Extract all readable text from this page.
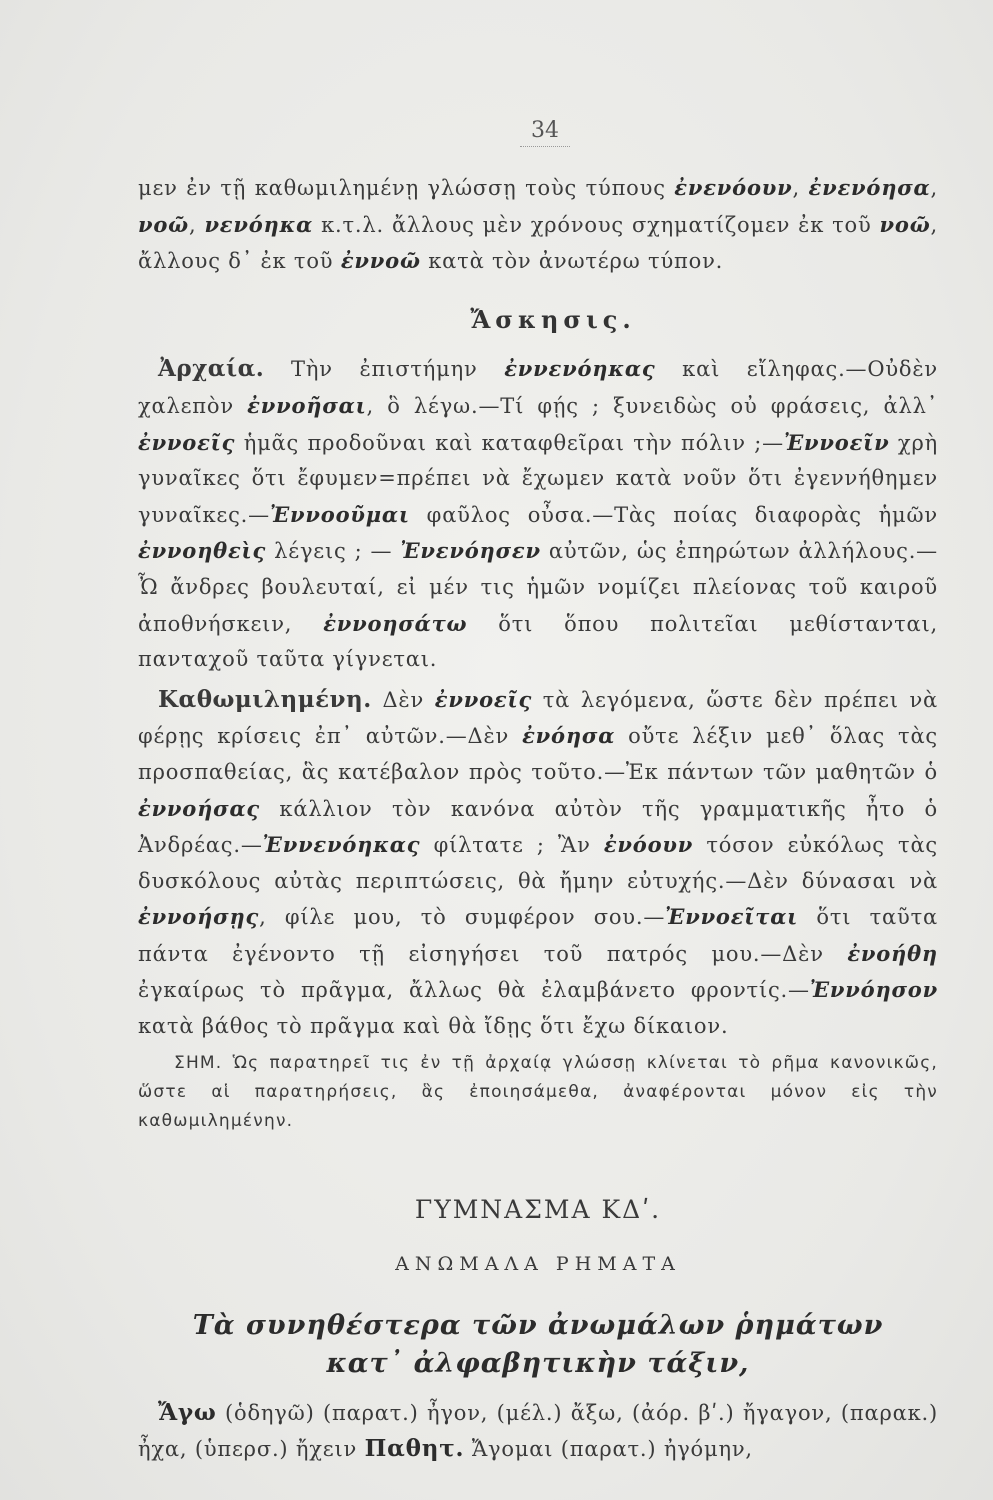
34

μεν ἐν τῇ καθωμιλημένῃ γλώσσῃ τοὺς τύπους ἐνενόουν, ἐνενόησα, νοῶ, νενόηκα κ.τ.λ. ἄλλους μὲν χρόνους σχηματίζομεν ἐκ τοῦ νοῶ, ἄλλους δ᾿ ἐκ τοῦ ἐννοῶ κατὰ τὸν ἀνωτέρω τύπον.

Ἄσκησις.

Ἀρχαία. Τὴν ἐπιστήμην ἐννενόηκας καὶ εἴληφας.—Οὐδὲν χαλεπὸν ἐννοῆσαι, ὃ λέγω.—Τί φῄς ; ξυνειδὼς οὐ φράσεις, ἀλλ᾿ ἐννοεῖς ἡμᾶς προδοῦναι καὶ καταφθεῖραι τὴν πόλιν ;—Ἐννοεῖν χρὴ γυναῖκες ὅτι ἔφυμεν=πρέπει νὰ ἔχωμεν κατὰ νοῦν ὅτι ἐγεννήθημεν γυναῖκες.—Ἐννοοῦμαι φαῦλος οὖσα.—Τὰς ποίας διαφορὰς ἡμῶν ἐννοηθεὶς λέγεις ; — Ἐνενόησεν αὐτῶν, ὡς ἐπηρώτων ἀλλήλους.—Ὦ ἄνδρες βουλευταί, εἰ μέν τις ἡμῶν νομίζει πλείονας τοῦ καιροῦ ἀποθνήσκειν, ἐννοησάτω ὅτι ὅπου πολιτεῖαι μεθίστανται, πανταχοῦ ταῦτα γίγνεται.

Καθωμιλημένη. Δὲν ἐννοεῖς τὰ λεγόμενα, ὥστε δὲν πρέπει νὰ φέρῃς κρίσεις ἐπ᾿ αὐτῶν.—Δὲν ἐνόησα οὔτε λέξιν μεθ᾿ ὅλας τὰς προσπαθείας, ἃς κατέβαλον πρὸς τοῦτο.—Ἐκ πάντων τῶν μαθητῶν ὁ ἐννοήσας κάλλιον τὸν κανόνα αὐτὸν τῆς γραμματικῆς ἦτο ὁ Ἀνδρέας.—Ἐννενόηκας φίλτατε ; Ἂν ἐνόουν τόσον εὐκόλως τὰς δυσκόλους αὐτὰς περιπτώσεις, θὰ ἤμην εὐτυχής.—Δὲν δύνασαι νὰ ἐννοήσῃς, φίλε μου, τὸ συμφέρον σου.—Ἐννοεῖται ὅτι ταῦτα πάντα ἐγένοντο τῇ εἰσηγήσει τοῦ πατρός μου.—Δὲν ἐνοήθη ἐγκαίρως τὸ πρᾶγμα, ἄλλως θὰ ἐλαμβάνετο φροντίς.—Ἐννόησον κατὰ βάθος τὸ πρᾶγμα καὶ θὰ ἴδῃς ὅτι ἔχω δίκαιον.

ΣΗΜ. Ὡς παρατηρεῖ τις ἐν τῇ ἀρχαίᾳ γλώσσῃ κλίνεται τὸ ρῆμα κανονικῶς, ὥστε αἱ παρατηρήσεις, ἃς ἐποιησάμεθα, ἀναφέρονται μόνον εἰς τὴν καθωμιλημένην.

ΓΥΜΝΑΣΜΑ ΚΔʹ.
ΑΝΩΜΑΛΑ ΡΗΜΑΤΑ
Τὰ συνηθέστερα τῶν ἀνωμάλων ῥημάτων
κατ᾿ ἀλφαβητικὴν τάξιν,

Ἄγω (ὁδηγῶ) (παρατ.) ἦγον, (μέλ.) ἄξω, (ἀόρ. βʹ.) ἤγαγον, (παρακ.) ἦχα, (ὑπερσ.) ἤχειν Παθητ. Ἄγομαι (παρατ.) ἠγόμην,
